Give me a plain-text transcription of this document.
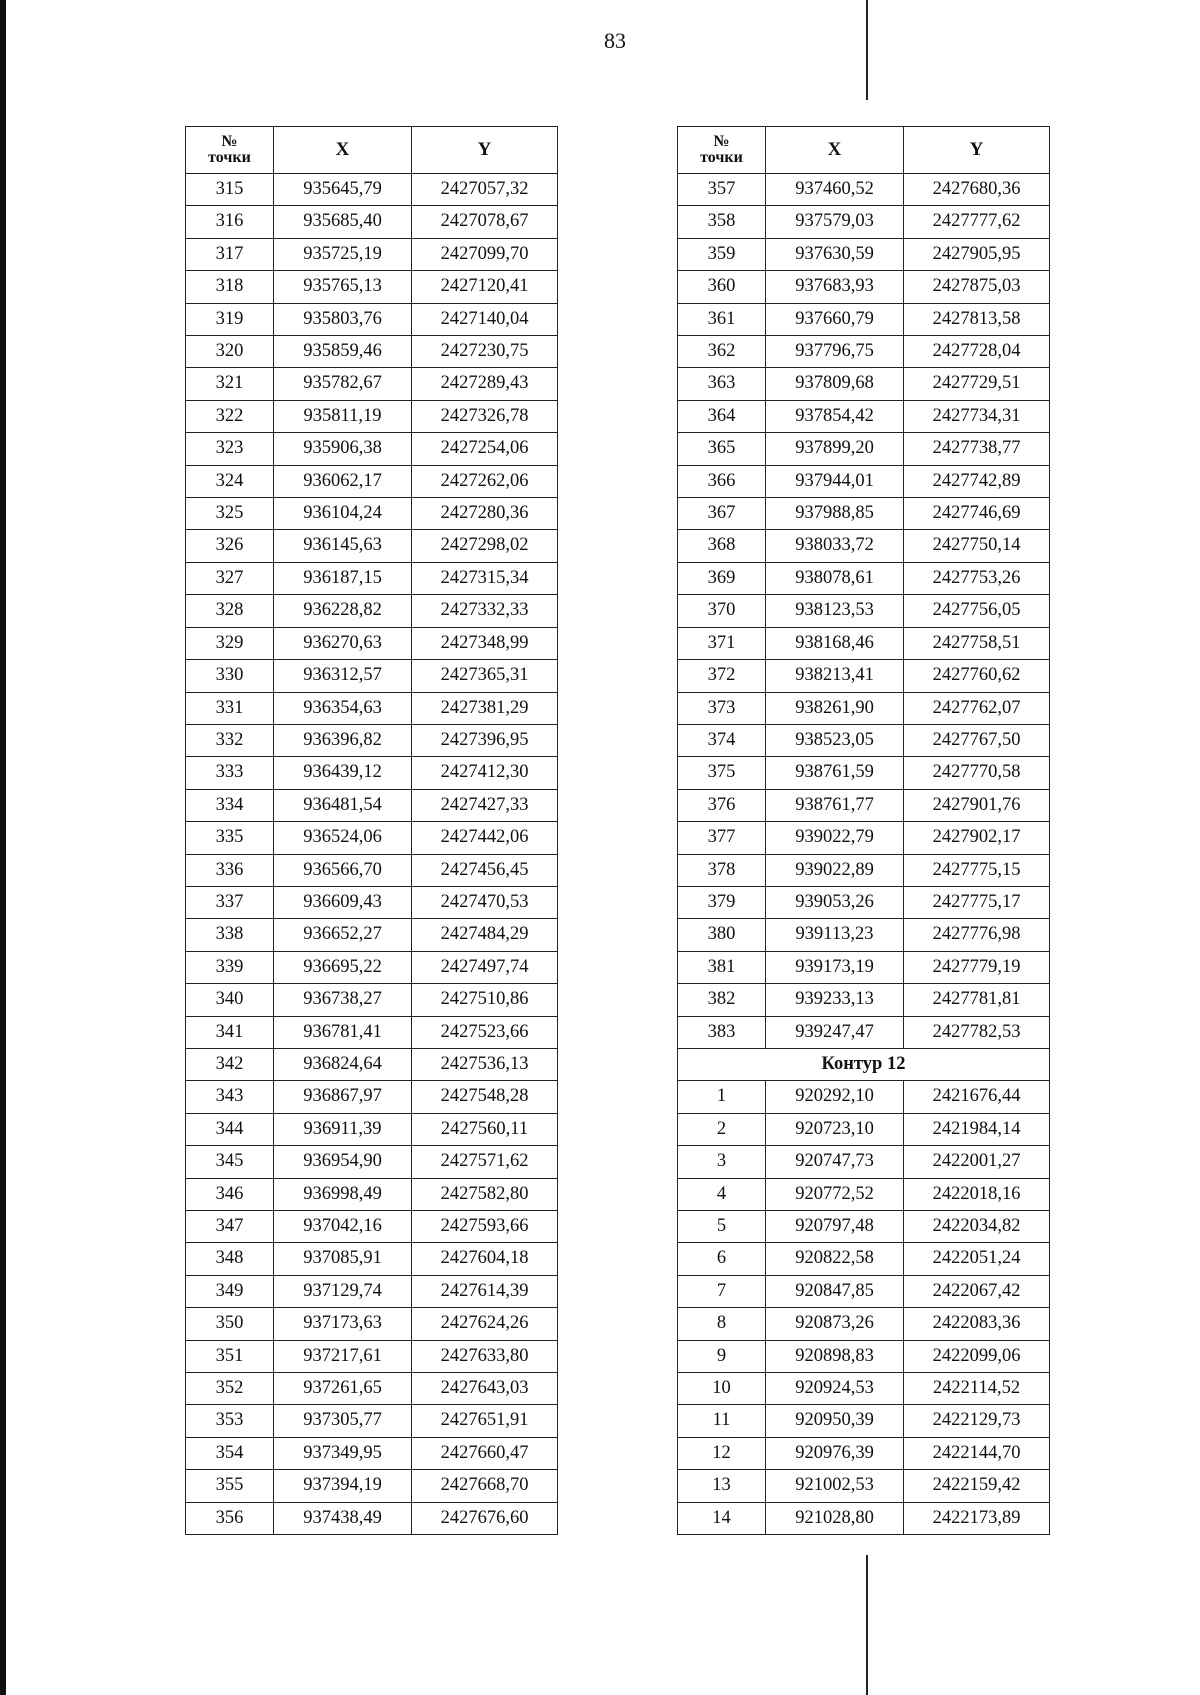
83
№
точки	X	Y
315	935645,79	2427057,32
316	935685,40	2427078,67
317	935725,19	2427099,70
318	935765,13	2427120,41
319	935803,76	2427140,04
320	935859,46	2427230,75
321	935782,67	2427289,43
322	935811,19	2427326,78
323	935906,38	2427254,06
324	936062,17	2427262,06
325	936104,24	2427280,36
326	936145,63	2427298,02
327	936187,15	2427315,34
328	936228,82	2427332,33
329	936270,63	2427348,99
330	936312,57	2427365,31
331	936354,63	2427381,29
332	936396,82	2427396,95
333	936439,12	2427412,30
334	936481,54	2427427,33
335	936524,06	2427442,06
336	936566,70	2427456,45
337	936609,43	2427470,53
338	936652,27	2427484,29
339	936695,22	2427497,74
340	936738,27	2427510,86
341	936781,41	2427523,66
342	936824,64	2427536,13
343	936867,97	2427548,28
344	936911,39	2427560,11
345	936954,90	2427571,62
346	936998,49	2427582,80
347	937042,16	2427593,66
348	937085,91	2427604,18
349	937129,74	2427614,39
350	937173,63	2427624,26
351	937217,61	2427633,80
352	937261,65	2427643,03
353	937305,77	2427651,91
354	937349,95	2427660,47
355	937394,19	2427668,70
356	937438,49	2427676,60
№
точки	X	Y
357	937460,52	2427680,36
358	937579,03	2427777,62
359	937630,59	2427905,95
360	937683,93	2427875,03
361	937660,79	2427813,58
362	937796,75	2427728,04
363	937809,68	2427729,51
364	937854,42	2427734,31
365	937899,20	2427738,77
366	937944,01	2427742,89
367	937988,85	2427746,69
368	938033,72	2427750,14
369	938078,61	2427753,26
370	938123,53	2427756,05
371	938168,46	2427758,51
372	938213,41	2427760,62
373	938261,90	2427762,07
374	938523,05	2427767,50
375	938761,59	2427770,58
376	938761,77	2427901,76
377	939022,79	2427902,17
378	939022,89	2427775,15
379	939053,26	2427775,17
380	939113,23	2427776,98
381	939173,19	2427779,19
382	939233,13	2427781,81
383	939247,47	2427782,53
Контур 12		
1	920292,10	2421676,44
2	920723,10	2421984,14
3	920747,73	2422001,27
4	920772,52	2422018,16
5	920797,48	2422034,82
6	920822,58	2422051,24
7	920847,85	2422067,42
8	920873,26	2422083,36
9	920898,83	2422099,06
10	920924,53	2422114,52
11	920950,39	2422129,73
12	920976,39	2422144,70
13	921002,53	2422159,42
14	921028,80	2422173,89
